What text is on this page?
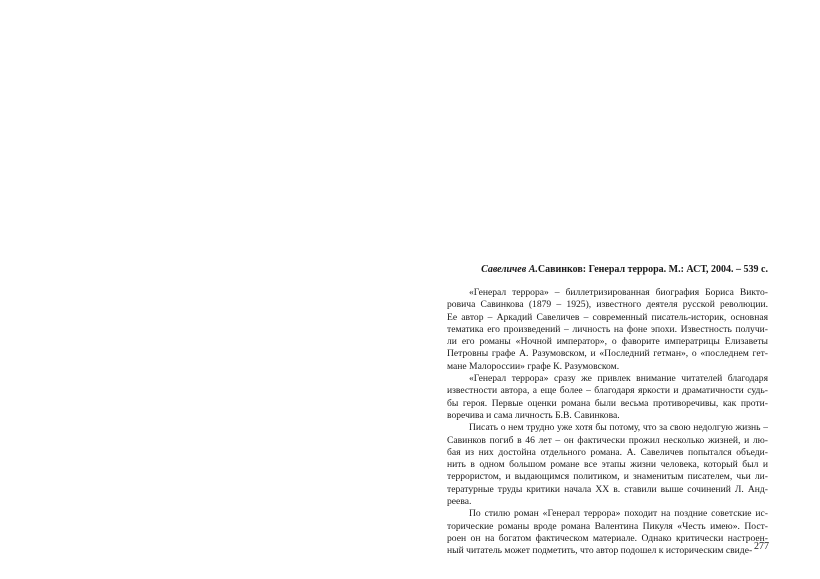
Савеличев А.Савинков: Генерал террора. М.: АСТ, 2004. – 539 с.

«Генерал террора» – биллетризированная биография Бориса Викто-
ровича Савинкова (1879 – 1925), известного деятеля русской революции.
Ее автор – Аркадий Савеличев – современный писатель-историк, основная
тематика его произведений – личность на фоне эпохи. Известность получи-
ли его романы «Ночной император», о фаворите императрицы Елизаветы
Петровны графе А. Разумовском, и «Последний гетман», о «последнем гет-
мане Малороссии» графе К. Разумовском.

«Генерал террора» сразу же привлек внимание читателей благодаря
известности автора, а еще более – благодаря яркости и драматичности судь-
бы героя. Первые оценки романа были весьма противоречивы, как проти-
воречива и сама личность Б.В. Савинкова.

Писать о нем трудно уже хотя бы потому, что за свою недолгую жизнь –
Савинков погиб в 46 лет – он фактически прожил несколько жизней, и лю-
бая из них достойна отдельного романа. А. Савеличев попытался объеди-
нить в одном большом романе все этапы жизни человека, который был и
террористом, и выдающимся политиком, и знаменитым писателем, чьи ли-
тературные труды критики начала XX в. ставили выше сочинений Л. Анд-
реева.

По стилю роман «Генерал террора» походит на поздние советские ис-
торические романы вроде романа Валентина Пикуля «Честь имею». Пост-
роен он на богатом фактическом материале. Однако критически настроен-
ный читатель может подметить, что автор подошел к историческим свиде- 277
